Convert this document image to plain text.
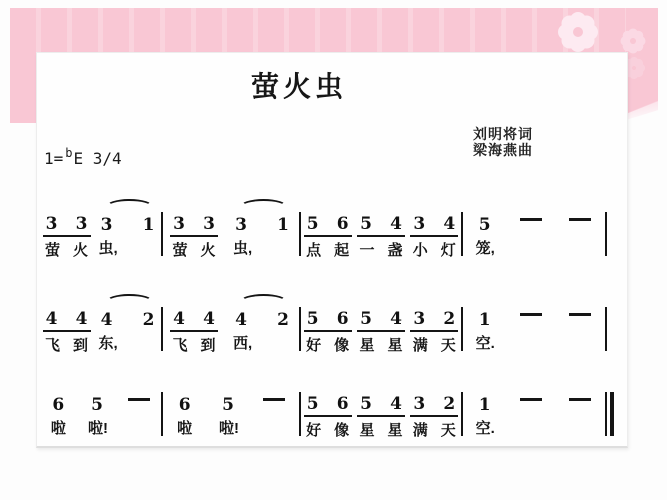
萤火虫
刘明将词
梁海燕曲
1= $^b$E 3/4
3 3
萤 火
3 1
虫,
3 3
萤 火
3 1
虫,
5 6
点 起
5 4
一 盏
3 4
小 灯
5
笼,
4 4
飞 到
4 2
东,
4 4
飞 到
4 2
西,
5 6
好 像
5 4
星 星
3 2
满 天
1
空.
6
啦
5
啦!
6
啦
5
啦!
5 6
好 像
5 4
星 星
3 2
满 天
1
空.
